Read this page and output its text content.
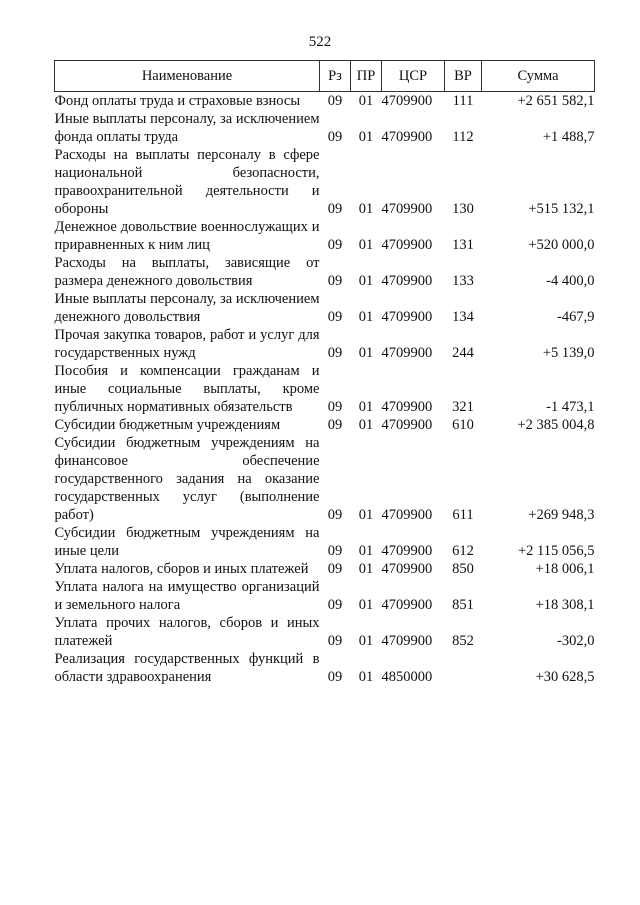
522
Наименование	Рз	ПР	ЦСР	ВР	Сумма
Фонд оплаты труда и страховые взносы	09	01	4709900	111	+2 651 582,1
Иные выплаты персоналу, за исключением фонда оплаты труда	09	01	4709900	112	+1 488,7
Расходы на выплаты персоналу в сфере национальной безопасности, правоохранительной деятельности и обороны	09	01	4709900	130	+515 132,1
Денежное довольствие военнослужащих и приравненных к ним лиц	09	01	4709900	131	+520 000,0
Расходы на выплаты, зависящие от размера денежного довольствия	09	01	4709900	133	-4 400,0
Иные выплаты персоналу, за исключением денежного довольствия	09	01	4709900	134	-467,9
Прочая закупка товаров, работ и услуг для государственных нужд	09	01	4709900	244	+5 139,0
Пособия и компенсации гражданам и иные социальные выплаты, кроме публичных нормативных обязательств	09	01	4709900	321	-1 473,1
Субсидии бюджетным учреждениям	09	01	4709900	610	+2 385 004,8
Субсидии бюджетным учреждениям на финансовое обеспечение государственного задания на оказание государственных услуг (выполнение работ)	09	01	4709900	611	+269 948,3
Субсидии бюджетным учреждениям на иные цели	09	01	4709900	612	+2 115 056,5
Уплата налогов, сборов и иных платежей	09	01	4709900	850	+18 006,1
Уплата налога на имущество организаций и земельного налога	09	01	4709900	851	+18 308,1
Уплата прочих налогов, сборов и иных платежей	09	01	4709900	852	-302,0
Реализация государственных функций в области здравоохранения	09	01	4850000		+30 628,5
